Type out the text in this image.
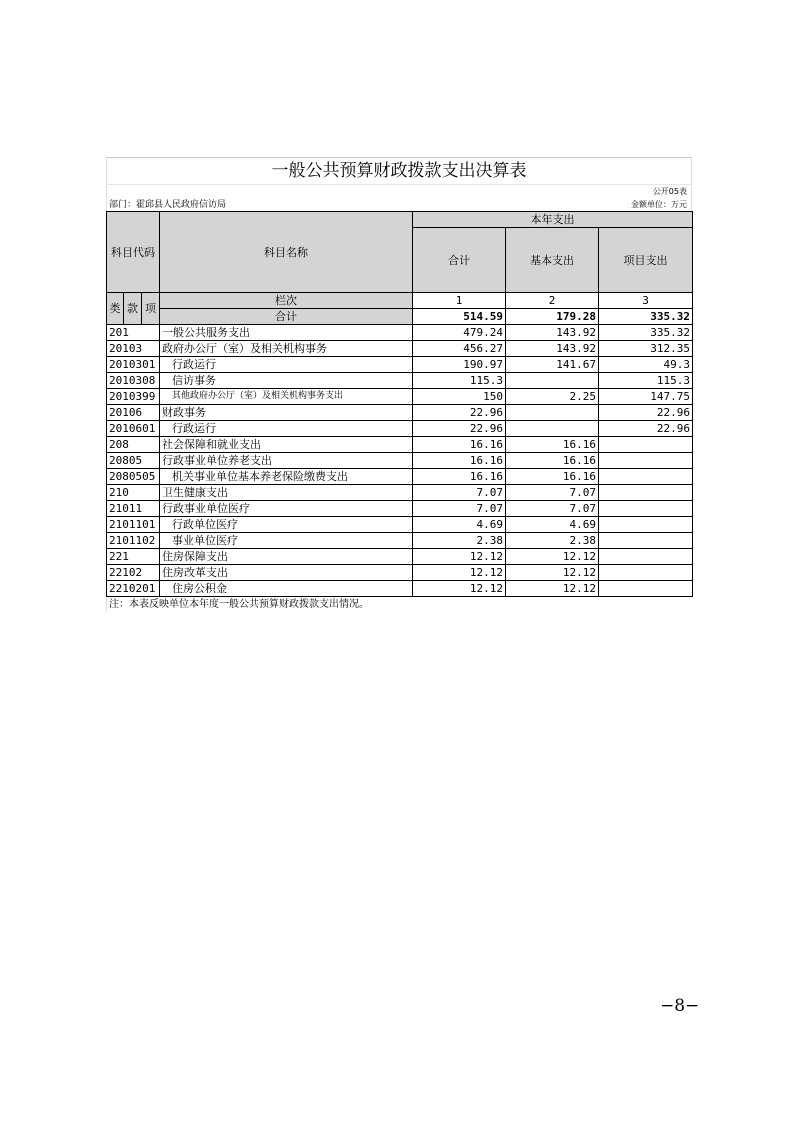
一般公共预算财政拨款支出决算表
公开05表
部门：霍邱县人民政府信访局	金额单位：万元
科目代码			科目名称	本年支出		
				合计	基本支出	项目支出

类	款	项	栏次	1	2	3
			合计	514.59	179.28	335.32
201			一般公共服务支出	479.24	143.92	335.32
20103			政府办公厅（室）及相关机构事务	456.27	143.92	312.35
2010301			行政运行	190.97	141.67	49.3
2010308			信访事务	115.3		115.3
2010399			其他政府办公厅（室）及相关机构事务支出	150	2.25	147.75
20106			财政事务	22.96		22.96
2010601			行政运行	22.96		22.96
208			社会保障和就业支出	16.16	16.16	
20805			行政事业单位养老支出	16.16	16.16	
2080505			机关事业单位基本养老保险缴费支出	16.16	16.16	
210			卫生健康支出	7.07	7.07	
21011			行政事业单位医疗	7.07	7.07	
2101101			行政单位医疗	4.69	4.69	
2101102			事业单位医疗	2.38	2.38	
221			住房保障支出	12.12	12.12	
22102			住房改革支出	12.12	12.12	
2210201			住房公积金	12.12	12.12	
注：本表反映单位本年度一般公共预算财政拨款支出情况。						
−8−
